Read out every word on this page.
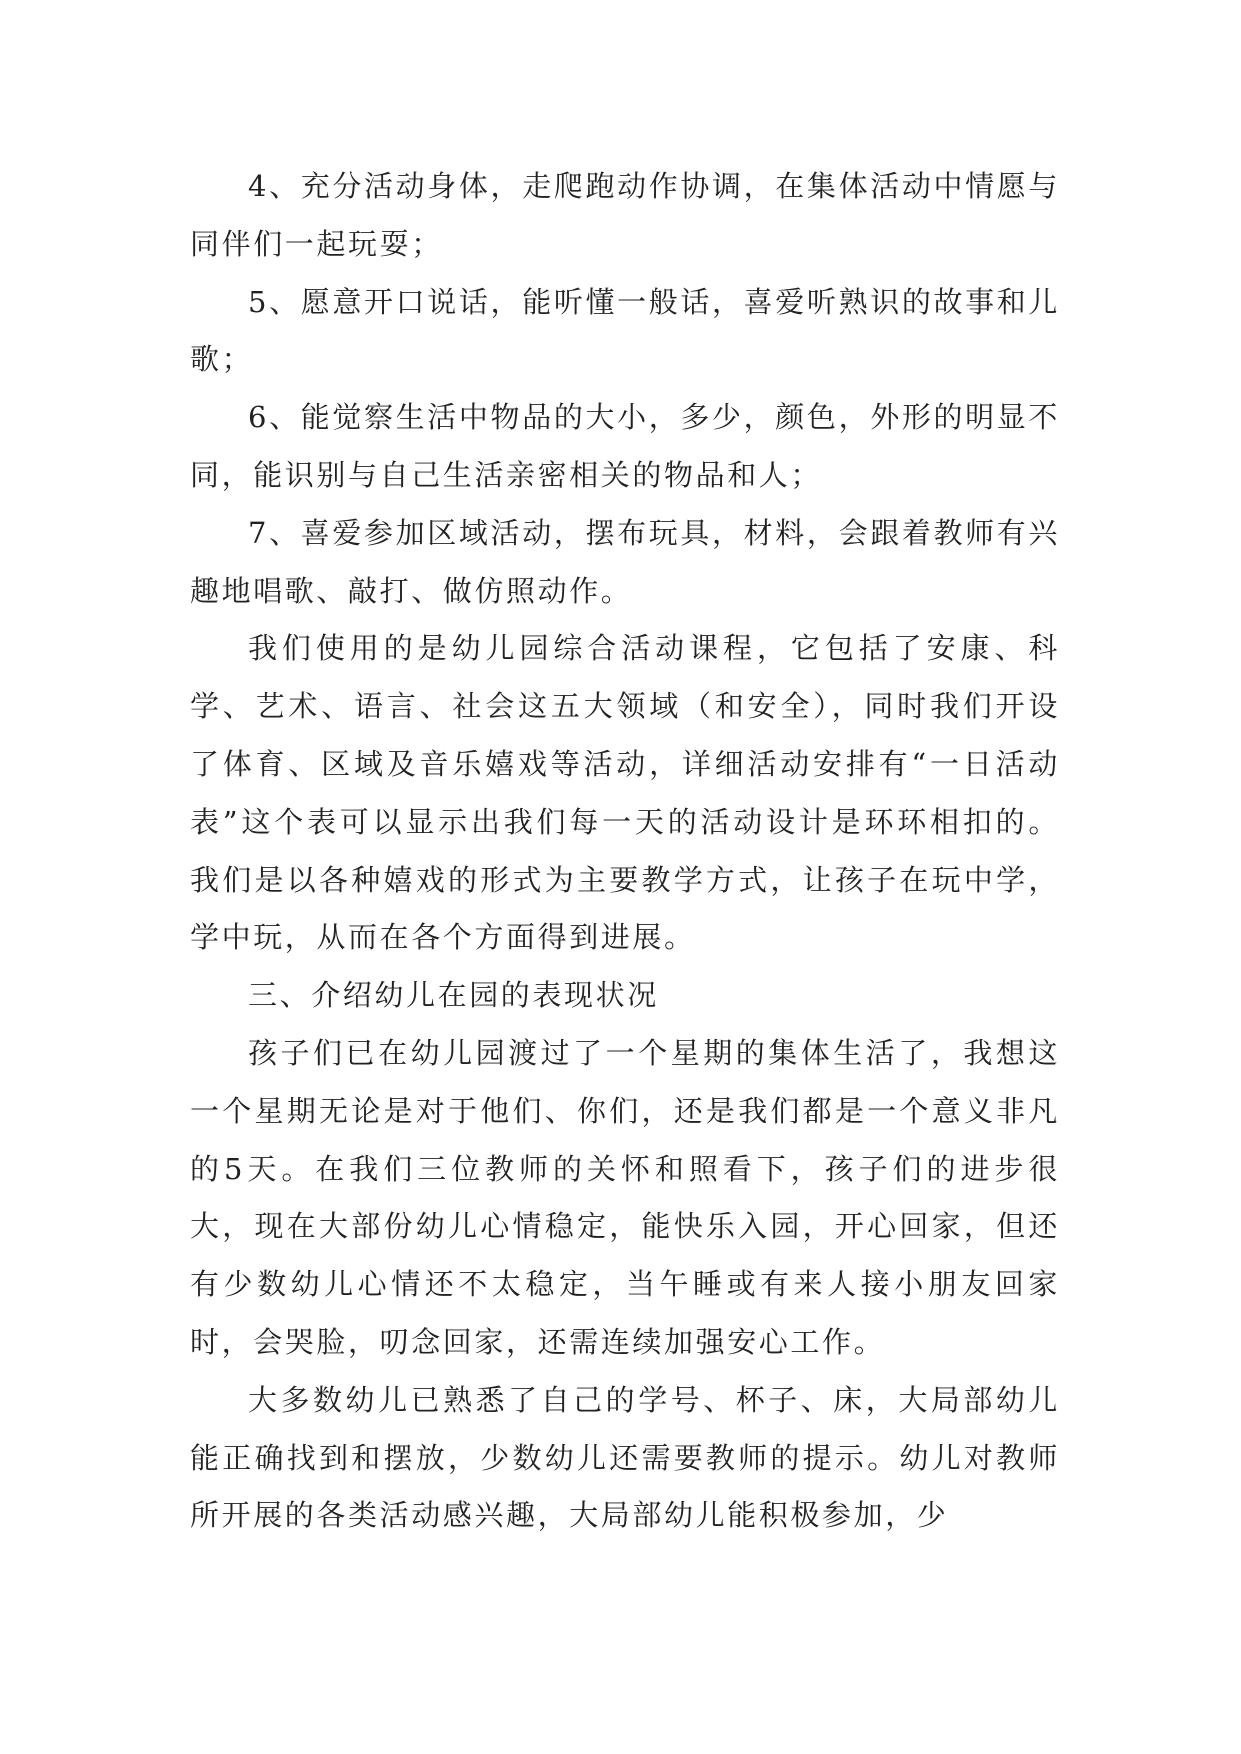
4、充分活动身体，走爬跑动作协调，在集体活动中情愿与同伴们一起玩耍；

5、愿意开口说话，能听懂一般话，喜爱听熟识的故事和儿歌；

6、能觉察生活中物品的大小，多少，颜色，外形的明显不同，能识别与自己生活亲密相关的物品和人；

7、喜爱参加区域活动，摆布玩具，材料，会跟着教师有兴趣地唱歌、敲打、做仿照动作。

我们使用的是幼儿园综合活动课程，它包括了安康、科学、艺术、语言、社会这五大领域（和安全），同时我们开设了体育、区域及音乐嬉戏等活动，详细活动安排有“一日活动表”这个表可以显示出我们每一天的活动设计是环环相扣的。我们是以各种嬉戏的形式为主要教学方式，让孩子在玩中学，学中玩，从而在各个方面得到进展。

三、介绍幼儿在园的表现状况

孩子们已在幼儿园渡过了一个星期的集体生活了，我想这一个星期无论是对于他们、你们，还是我们都是一个意义非凡的5天。在我们三位教师的关怀和照看下，孩子们的进步很大，现在大部份幼儿心情稳定，能快乐入园，开心回家，但还有少数幼儿心情还不太稳定，当午睡或有来人接小朋友回家时，会哭脸，叨念回家，还需连续加强安心工作。

大多数幼儿已熟悉了自己的学号、杯子、床，大局部幼儿能正确找到和摆放，少数幼儿还需要教师的提示。幼儿对教师所开展的各类活动感兴趣，大局部幼儿能积极参加，少
